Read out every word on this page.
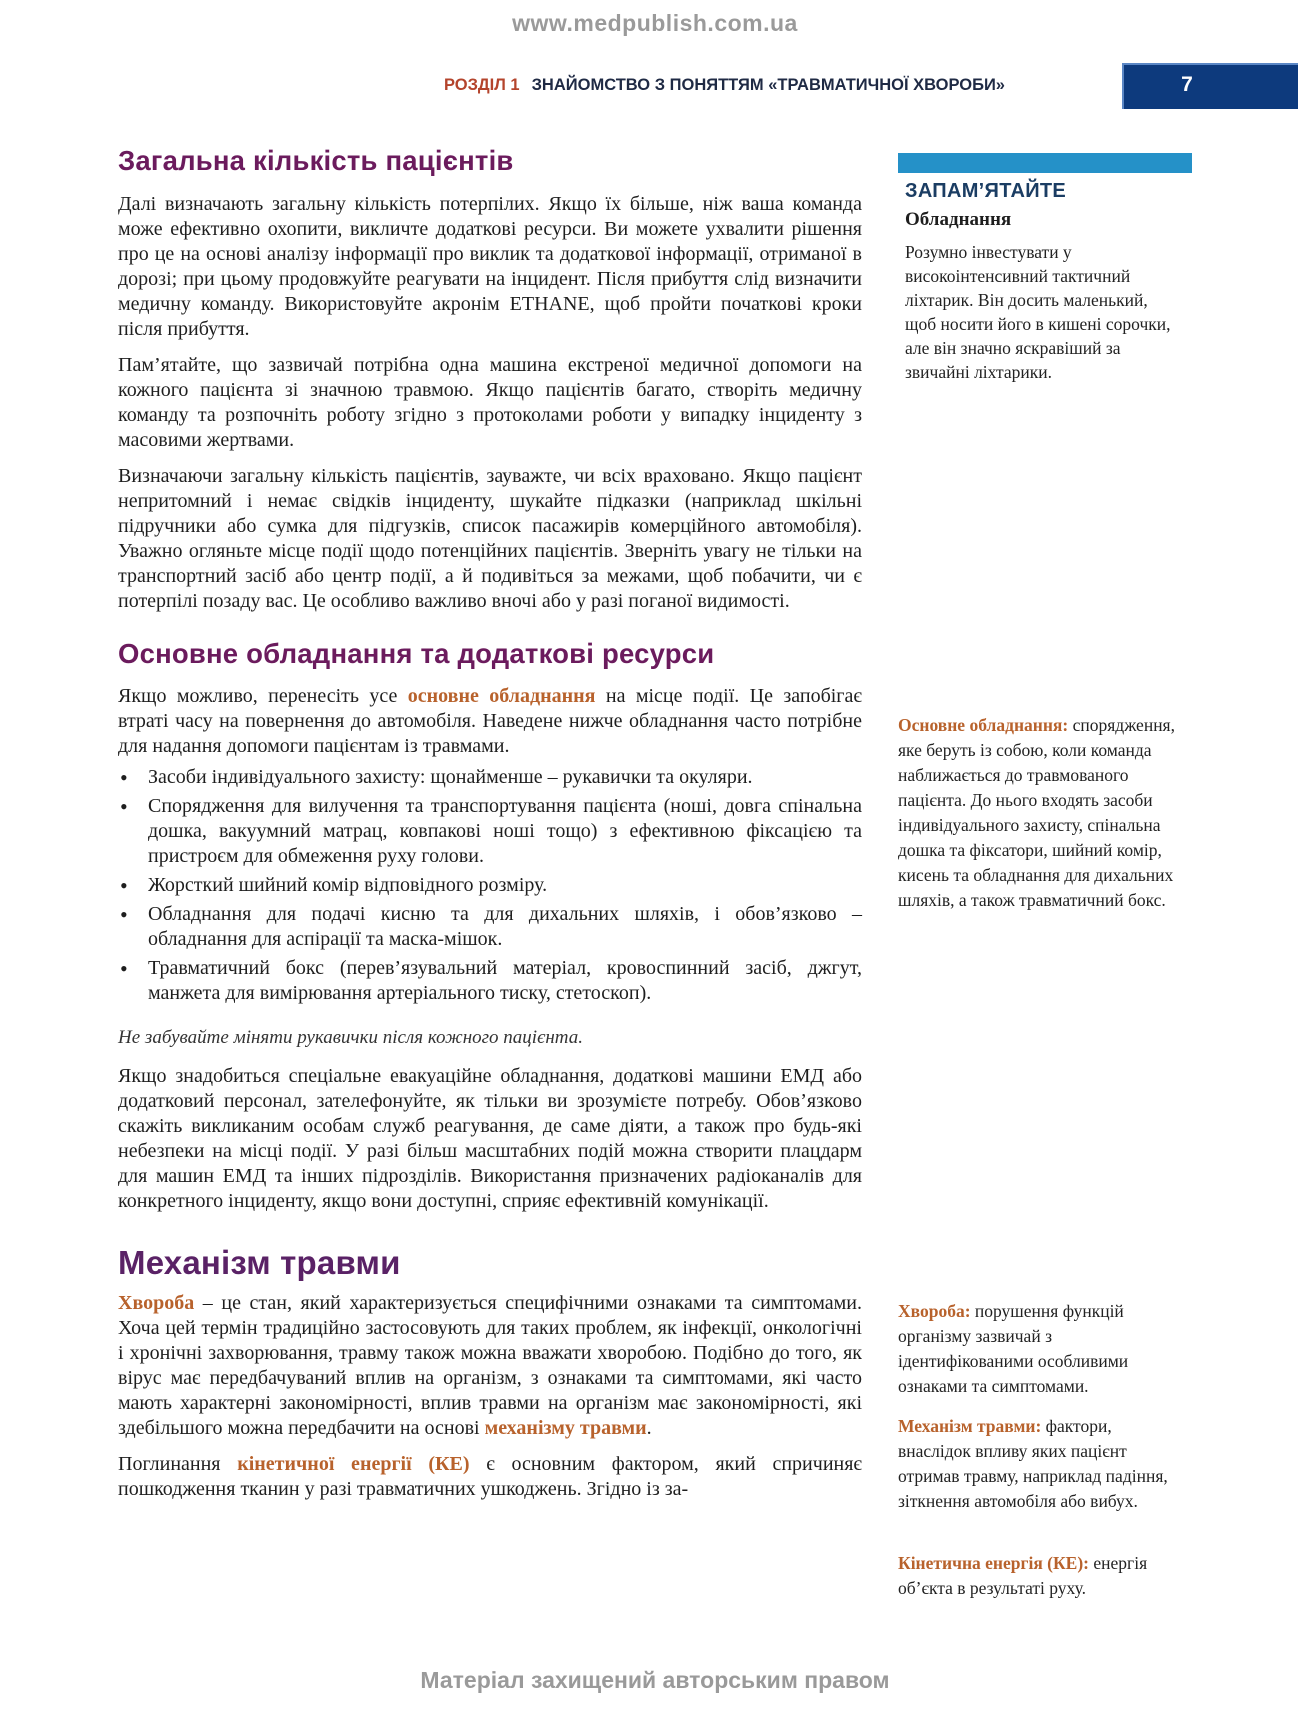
www.medpublish.com.ua
РОЗДІЛ 1 ЗНАЙОМСТВО З ПОНЯТТЯМ «ТРАВМАТИЧНОЇ ХВОРОБИ»	7
Загальна кількість пацієнтів

Далі визначають загальну кількість потерпілих. Якщо їх більше, ніж ваша команда може ефективно охопити, викличте додаткові ресурси. Ви можете ухвалити рішення про це на основі аналізу інформації про виклик та додаткової інформації, отриманої в дорозі; при цьому продовжуйте реагувати на інцидент. Після прибуття слід визначити медичну команду. Використовуйте акронім ETHANE, щоб пройти початкові кроки після прибуття.

Пам’ятайте, що зазвичай потрібна одна машина екстреної медичної допомоги на кожного пацієнта зі значною травмою. Якщо пацієнтів багато, створіть медичну команду та розпочніть роботу згідно з протоколами роботи у випадку інциденту з масовими жертвами.

Визначаючи загальну кількість пацієнтів, зауважте, чи всіх враховано. Якщо пацієнт непритомний і немає свідків інциденту, шукайте підказки (наприклад шкільні підручники або сумка для підгузків, список пасажирів комерційного автомобіля). Уважно огляньте місце події щодо потенційних пацієнтів. Зверніть увагу не тільки на транспортний засіб або центр події, а й подивіться за межами, щоб побачити, чи є потерпілі позаду вас. Це особливо важливо вночі або у разі поганої видимості.

Основне обладнання та додаткові ресурси

Якщо можливо, перенесіть усе основне обладнання на місце події. Це запобігає втраті часу на повернення до автомобіля. Наведене нижче обладнання часто потрібне для надання допомоги пацієнтам із травмами.

• Засоби індивідуального захисту: щонайменше – рукавички та окуляри.
• Спорядження для вилучення та транспортування пацієнта (ноші, довга спінальна дошка, вакуумний матрац, ковпакові ноші тощо) з ефективною фіксацією та пристроєм для обмеження руху голови.
• Жорсткий шийний комір відповідного розміру.
• Обладнання для подачі кисню та для дихальних шляхів, і обов’язково – обладнання для аспірації та маска-мішок.
• Травматичний бокс (перев’язувальний матеріал, кровоспинний засіб, джгут, манжета для вимірювання артеріального тиску, стетоскоп).

Не забувайте міняти рукавички після кожного пацієнта.

Якщо знадобиться спеціальне евакуаційне обладнання, додаткові машини ЕМД або додатковий персонал, зателефонуйте, як тільки ви зрозумієте потребу. Обов’язково скажіть викликаним особам служб реагування, де саме діяти, а також про будь-які небезпеки на місці події. У разі більш масштабних подій можна створити плацдарм для машин ЕМД та інших підрозділів. Використання призначених радіоканалів для конкретного інциденту, якщо вони доступні, сприяє ефективній комунікації.

Механізм травми

Хвороба – це стан, який характеризується специфічними ознаками та симптомами. Хоча цей термін традиційно застосовують для таких проблем, як інфекції, онкологічні і хронічні захворювання, травму також можна вважати хворобою. Подібно до того, як вірус має передбачуваний вплив на організм, з ознаками та симптомами, які часто мають характерні закономірності, вплив травми на організм має закономірності, які здебільшого можна передбачити на основі механізму травми.

Поглинання кінетичної енергії (КЕ) є основним фактором, який спричиняє пошкодження тканин у разі травматичних ушкоджень. Згідно із за-

ЗАПАМ’ЯТАЙТЕ
Обладнання
Розумно інвестувати у високоінтенсивний тактичний ліхтарик. Він досить маленький, щоб носити його в кишені сорочки, але він значно яскравіший за звичайні ліхтарики.
Основне обладнання: спорядження, яке беруть із собою, коли команда наближається до травмованого пацієнта. До нього входять засоби індивідуального захисту, спінальна дошка та фіксатори, шийний комір, кисень та обладнання для дихальних шляхів, а також травматичний бокс.
Хвороба: порушення функцій організму зазвичай з ідентифікованими особливими ознаками та симптомами.
Механізм травми: фактори, внаслідок впливу яких пацієнт отримав травму, наприклад падіння, зіткнення автомобіля або вибух.
Кінетична енергія (КЕ): енергія об’єкта в результаті руху.
Матеріал захищений авторським правом
